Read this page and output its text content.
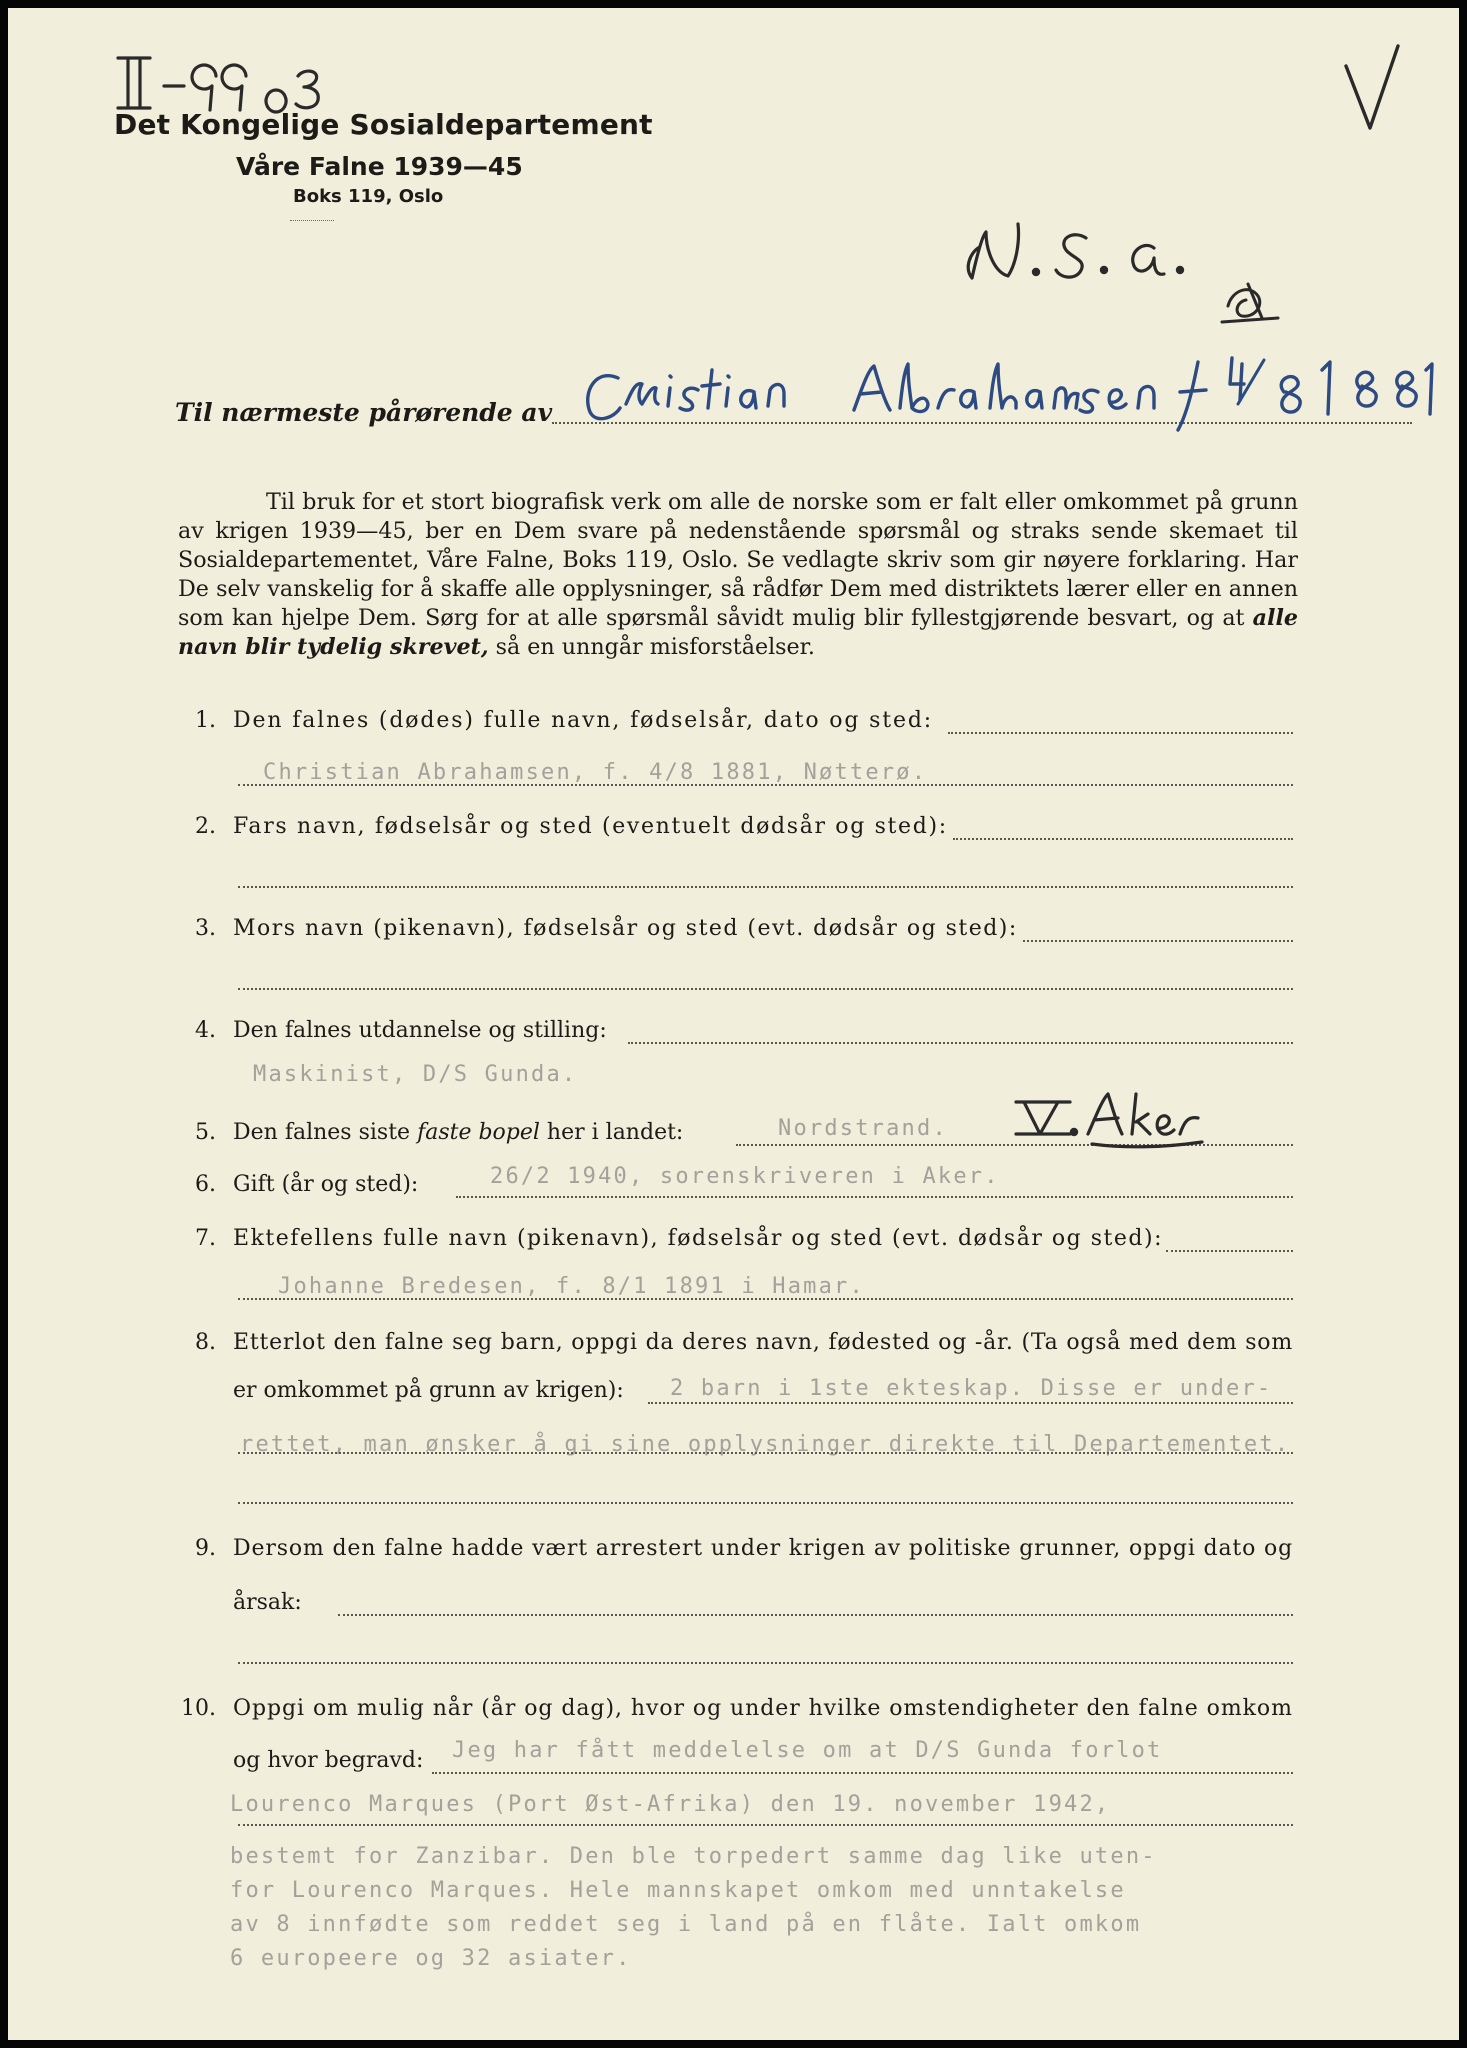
Det Kongelige Sosialdepartement
Våre Falne 1939—45
Boks 119, Oslo
Til nærmeste pårørende av

Til bruk for et stort biografisk verk om alle de norske som er falt eller omkommet på grunn av krigen 1939—45, ber en Dem svare på nedenstående spørsmål og straks sende skemaet til Sosialdepartementet, Våre Falne, Boks 119, Oslo. Se vedlagte skriv som gir nøyere forklaring. Har De selv vanskelig for å skaffe alle opplysninger, så rådfør Dem med distriktets lærer eller en annen som kan hjelpe Dem. Sørg for at alle spørsmål såvidt mulig blir fyllestgjørende besvart, og at alle navn blir tydelig skrevet, så en unngår misforståelser.

1. Den falnes (dødes) fulle navn, fødselsår, dato og sted:
Christian Abrahamsen, f. 4/8 1881, Nøtterø.
2. Fars navn, fødselsår og sted (eventuelt dødsår og sted):
3. Mors navn (pikenavn), fødselsår og sted (evt. dødsår og sted):
4. Den falnes utdannelse og stilling:
Maskinist, D/S Gunda.
5. Den falnes siste faste bopel her i landet:	Nordstrand.
6. Gift (år og sted):	26/2 1940, sorenskriveren i Aker.
7. Ektefellens fulle navn (pikenavn), fødselsår og sted (evt. dødsår og sted):
Johanne Bredesen, f. 8/1 1891 i Hamar.
8. Etterlot den falne seg barn, oppgi da deres navn, fødested og -år. (Ta også med dem som
er omkommet på grunn av krigen): 2 barn i 1ste ekteskap. Disse er under-
rettet, man ønsker å gi sine opplysninger direkte til Departementet.
9. Dersom den falne hadde vært arrestert under krigen av politiske grunner, oppgi dato og
årsak:
10. Oppgi om mulig når (år og dag), hvor og under hvilke omstendigheter den falne omkom
og hvor begravd: Jeg har fått meddelelse om at D/S Gunda forlot
Lourenco Marques (Port Øst-Afrika) den 19. november 1942,
bestemt for Zanzibar. Den ble torpedert samme dag like uten-
for Lourenco Marques. Hele mannskapet omkom med unntakelse
av 8 innfødte som reddet seg i land på en flåte. Ialt omkom
6 europeere og 32 asiater.
